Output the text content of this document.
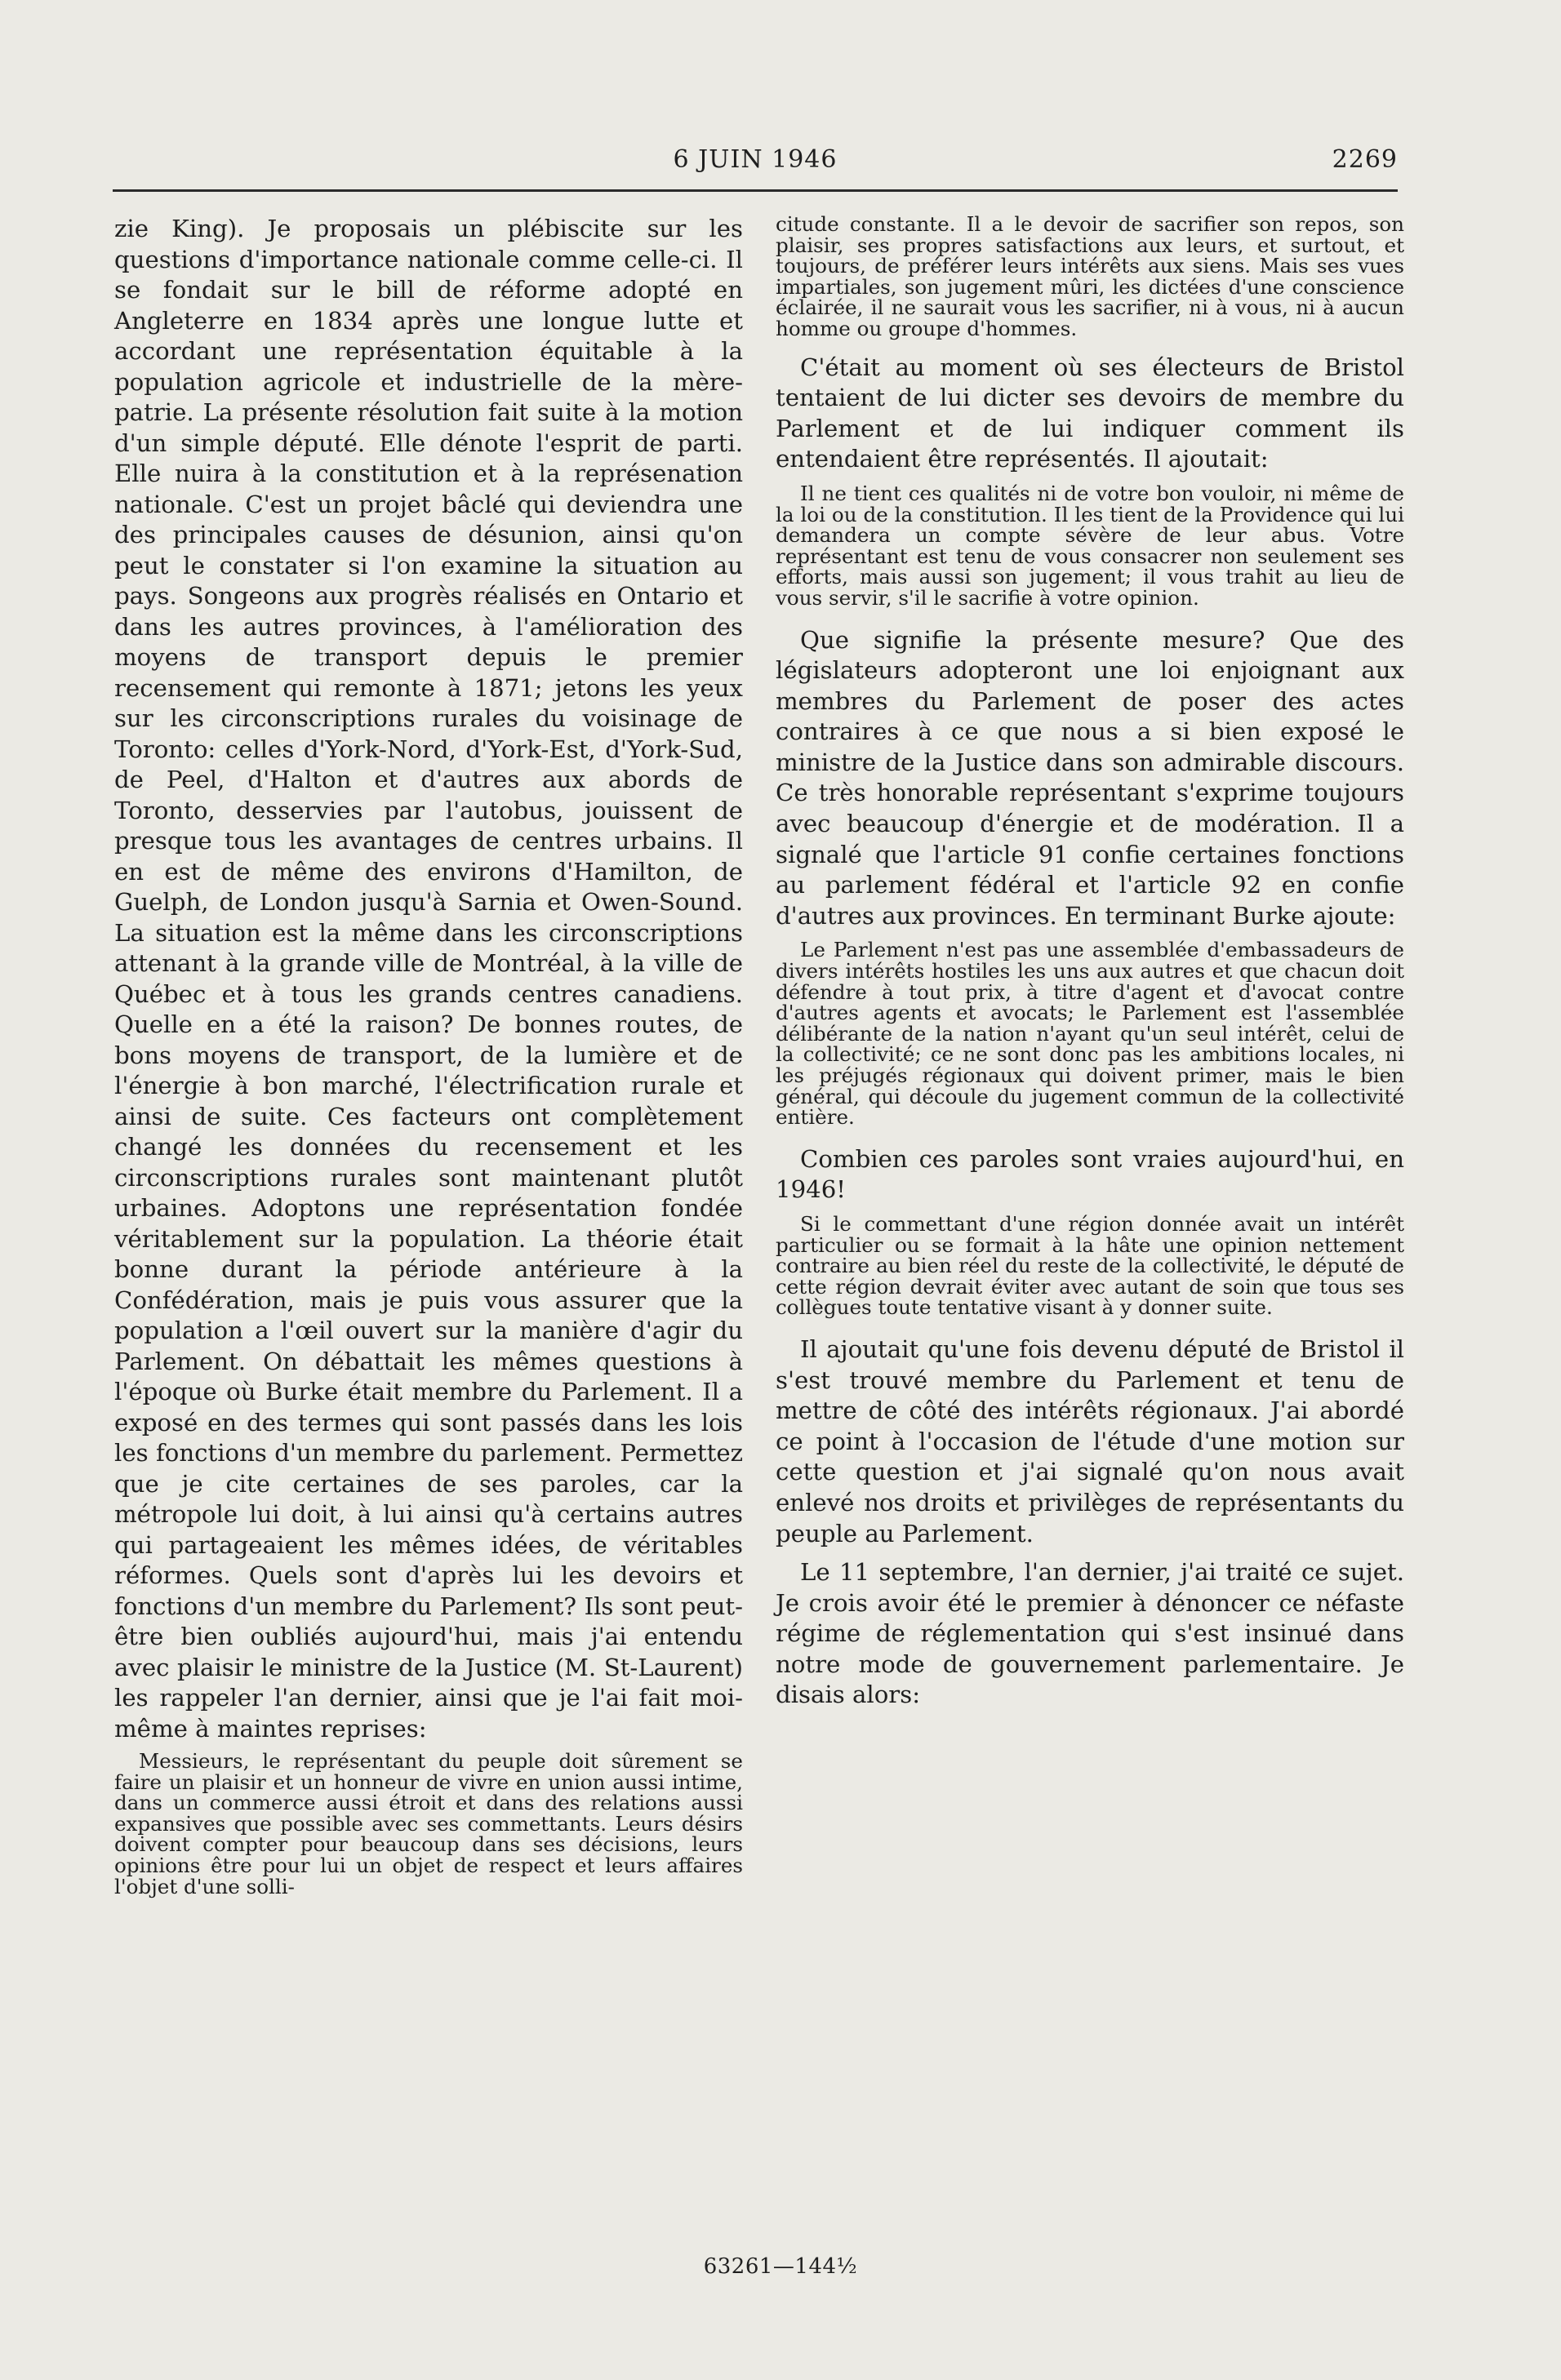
6 JUIN 1946	2269

zie King). Je proposais un plébiscite sur les questions d'importance nationale comme celle-ci. Il se fondait sur le bill de réforme adopté en Angleterre en 1834 après une longue lutte et accordant une représentation équitable à la population agricole et industrielle de la mère-patrie. La présente résolution fait suite à la motion d'un simple député. Elle dénote l'esprit de parti. Elle nuira à la constitution et à la représenation nationale. C'est un projet bâclé qui deviendra une des principales causes de désunion, ainsi qu'on peut le constater si l'on examine la situation au pays. Songeons aux progrès réalisés en Ontario et dans les autres provinces, à l'amélioration des moyens de transport depuis le premier recensement qui remonte à 1871; jetons les yeux sur les circonscriptions rurales du voisinage de Toronto: celles d'York-Nord, d'York-Est, d'York-Sud, de Peel, d'Halton et d'autres aux abords de Toronto, desservies par l'autobus, jouissent de presque tous les avantages de centres urbains. Il en est de même des environs d'Hamilton, de Guelph, de London jusqu'à Sarnia et Owen-Sound. La situation est la même dans les circonscriptions attenant à la grande ville de Montréal, à la ville de Québec et à tous les grands centres canadiens. Quelle en a été la raison? De bonnes routes, de bons moyens de transport, de la lumière et de l'énergie à bon marché, l'électrification rurale et ainsi de suite. Ces facteurs ont complètement changé les données du recensement et les circonscriptions rurales sont maintenant plutôt urbaines. Adoptons une représentation fondée véritablement sur la population. La théorie était bonne durant la période antérieure à la Confédération, mais je puis vous assurer que la population a l'œil ouvert sur la manière d'agir du Parlement. On débattait les mêmes questions à l'époque où Burke était membre du Parlement. Il a exposé en des termes qui sont passés dans les lois les fonctions d'un membre du parlement. Permettez que je cite certaines de ses paroles, car la métropole lui doit, à lui ainsi qu'à certains autres qui partageaient les mêmes idées, de véritables réformes. Quels sont d'après lui les devoirs et fonctions d'un membre du Parlement? Ils sont peut-être bien oubliés aujourd'hui, mais j'ai entendu avec plaisir le ministre de la Justice (M. St-Laurent) les rappeler l'an dernier, ainsi que je l'ai fait moi-même à maintes reprises:

Messieurs, le représentant du peuple doit sûrement se faire un plaisir et un honneur de vivre en union aussi intime, dans un commerce aussi étroit et dans des relations aussi expansives que possible avec ses commettants. Leurs désirs doivent compter pour beaucoup dans ses décisions, leurs opinions être pour lui un objet de respect et leurs affaires l'objet d'une solli-

citude constante. Il a le devoir de sacrifier son repos, son plaisir, ses propres satisfactions aux leurs, et surtout, et toujours, de préférer leurs intérêts aux siens. Mais ses vues impartiales, son jugement mûri, les dictées d'une conscience éclairée, il ne saurait vous les sacrifier, ni à vous, ni à aucun homme ou groupe d'hommes.

C'était au moment où ses électeurs de Bristol tentaient de lui dicter ses devoirs de membre du Parlement et de lui indiquer comment ils entendaient être représentés. Il ajoutait:

Il ne tient ces qualités ni de votre bon vouloir, ni même de la loi ou de la constitution. Il les tient de la Providence qui lui demandera un compte sévère de leur abus. Votre représentant est tenu de vous consacrer non seulement ses efforts, mais aussi son jugement; il vous trahit au lieu de vous servir, s'il le sacrifie à votre opinion.

Que signifie la présente mesure? Que des législateurs adopteront une loi enjoignant aux membres du Parlement de poser des actes contraires à ce que nous a si bien exposé le ministre de la Justice dans son admirable discours. Ce très honorable représentant s'exprime toujours avec beaucoup d'énergie et de modération. Il a signalé que l'article 91 confie certaines fonctions au parlement fédéral et l'article 92 en confie d'autres aux provinces. En terminant Burke ajoute:

Le Parlement n'est pas une assemblée d'embassadeurs de divers intérêts hostiles les uns aux autres et que chacun doit défendre à tout prix, à titre d'agent et d'avocat contre d'autres agents et avocats; le Parlement est l'assemblée délibérante de la nation n'ayant qu'un seul intérêt, celui de la collectivité; ce ne sont donc pas les ambitions locales, ni les préjugés régionaux qui doivent primer, mais le bien général, qui découle du jugement commun de la collectivité entière.

Combien ces paroles sont vraies aujourd'hui, en 1946!

Si le commettant d'une région donnée avait un intérêt particulier ou se formait à la hâte une opinion nettement contraire au bien réel du reste de la collectivité, le député de cette région devrait éviter avec autant de soin que tous ses collègues toute tentative visant à y donner suite.

Il ajoutait qu'une fois devenu député de Bristol il s'est trouvé membre du Parlement et tenu de mettre de côté des intérêts régionaux. J'ai abordé ce point à l'occasion de l'étude d'une motion sur cette question et j'ai signalé qu'on nous avait enlevé nos droits et privilèges de représentants du peuple au Parlement.

Le 11 septembre, l'an dernier, j'ai traité ce sujet. Je crois avoir été le premier à dénoncer ce néfaste régime de réglementation qui s'est insinué dans notre mode de gouvernement parlementaire. Je disais alors:

63261—144½
